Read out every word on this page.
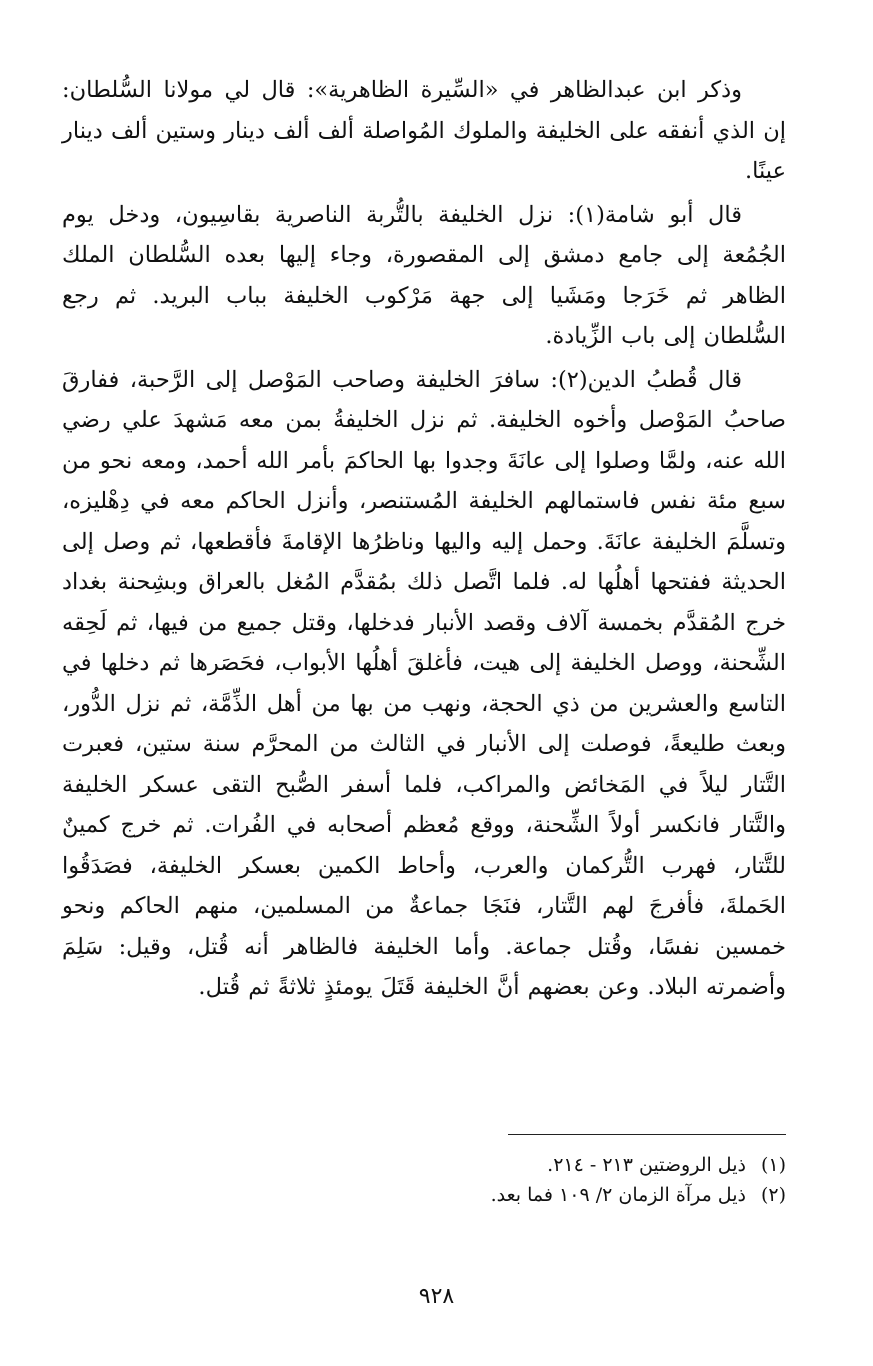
وذكر ابن عبدالظاهر في «السِّيرة الظاهرية»: قال لي مولانا السُّلطان: إن الذي أنفقه على الخليفة والملوك المُواصلة ألف ألف دينار وستين ألف دينار عينًا.

قال أبو شامة(١): نزل الخليفة بالتُّربة الناصرية بقاسِيون، ودخل يوم الجُمُعة إلى جامع دمشق إلى المقصورة، وجاء إليها بعده السُّلطان الملك الظاهر ثم خَرَجا ومَشَيا إلى جهة مَرْكوب الخليفة بباب البريد. ثم رجع السُّلطان إلى باب الزِّيادة.

قال قُطبُ الدين(٢): سافرَ الخليفة وصاحب المَوْصل إلى الرَّحبة، ففارقَ صاحبُ المَوْصل وأخوه الخليفة. ثم نزل الخليفةُ بمن معه مَشهدَ علي رضي الله عنه، ولمَّا وصلوا إلى عانَةَ وجدوا بها الحاكمَ بأمر الله أحمد، ومعه نحو من سبع مئة نفس فاستمالهم الخليفة المُستنصر، وأنزل الحاكم معه في دِهْليزه، وتسلَّمَ الخليفة عانَةَ. وحمل إليه واليها وناظرُها الإقامةَ فأقطعها، ثم وصل إلى الحديثة ففتحها أهلُها له. فلما اتَّصل ذلك بمُقدَّم المُغل بالعراق وبشِحنة بغداد خرج المُقدَّم بخمسة آلاف وقصد الأنبار فدخلها، وقتل جميع من فيها، ثم لَحِقه الشِّحنة، ووصل الخليفة إلى هيت، فأغلقَ أهلُها الأبواب، فحَصَرها ثم دخلها في التاسع والعشرين من ذي الحجة، ونهب من بها من أهل الذِّمَّة، ثم نزل الدُّور، وبعث طليعةً، فوصلت إلى الأنبار في الثالث من المحرَّم سنة ستين، فعبرت التَّتار ليلاً في المَخائض والمراكب، فلما أسفر الصُّبح التقى عسكر الخليفة والتَّتار فانكسر أولاً الشِّحنة، ووقع مُعظم أصحابه في الفُرات. ثم خرج كمينٌ للتَّتار، فهرب التُّركمان والعرب، وأحاط الكمين بعسكر الخليفة، فصَدَقُوا الحَملةَ، فأفرجَ لهم التَّتار، فنَجَا جماعةٌ من المسلمين، منهم الحاكم ونحو خمسين نفسًا، وقُتل جماعة. وأما الخليفة فالظاهر أنه قُتل، وقيل: سَلِمَ وأضمرته البلاد. وعن بعضهم أنَّ الخليفة قَتَلَ يومئذٍ ثلاثةً ثم قُتل.

(١) ذيل الروضتين ٢١٣ - ٢١٤.

(٢) ذيل مرآة الزمان ٢/ ١٠٩ فما بعد.

٩٢٨
